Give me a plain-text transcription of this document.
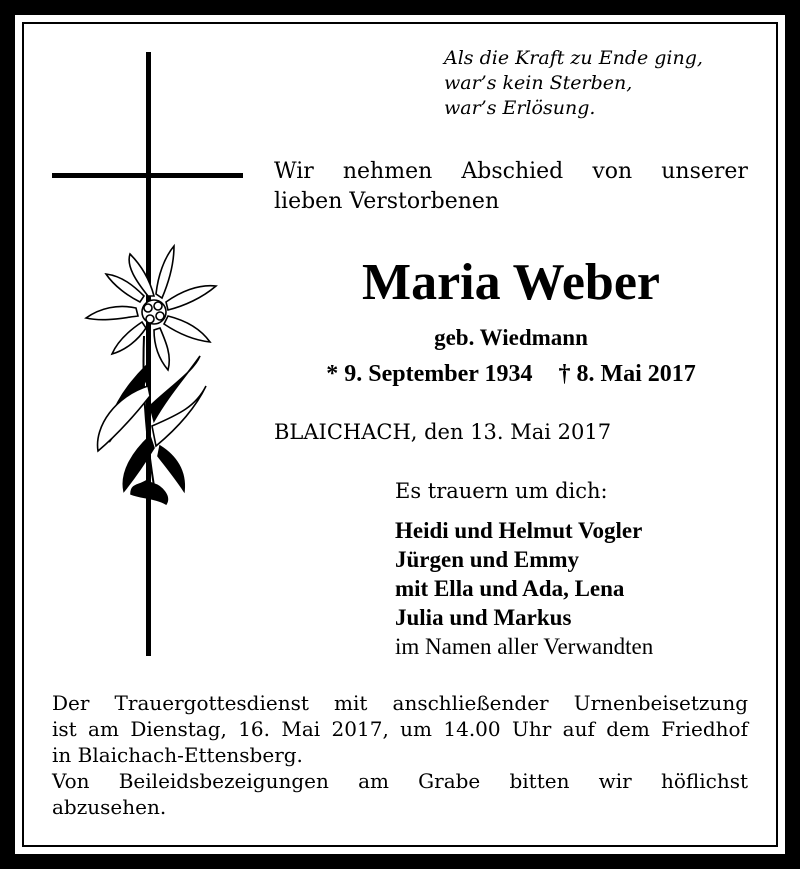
Als die Kraft zu Ende ging,
war’s kein Sterben,
war’s Erlösung.
Wir nehmen Abschied von unserer
lieben Verstorbenen
Maria Weber
geb. Wiedmann
* 9. September 1934 † 8. Mai 2017
BLAICHACH, den 13. Mai 2017
Es trauern um dich:
Heidi und Helmut Vogler
Jürgen und Emmy
mit Ella und Ada, Lena
Julia und Markus
im Namen aller Verwandten
Der Trauergottesdienst mit anschließender Urnenbeisetzung
ist am Dienstag, 16. Mai 2017, um 14.00 Uhr auf dem Friedhof
in Blaichach-Ettensberg.
Von Beileidsbezeigungen am Grabe bitten wir höflichst
abzusehen.
